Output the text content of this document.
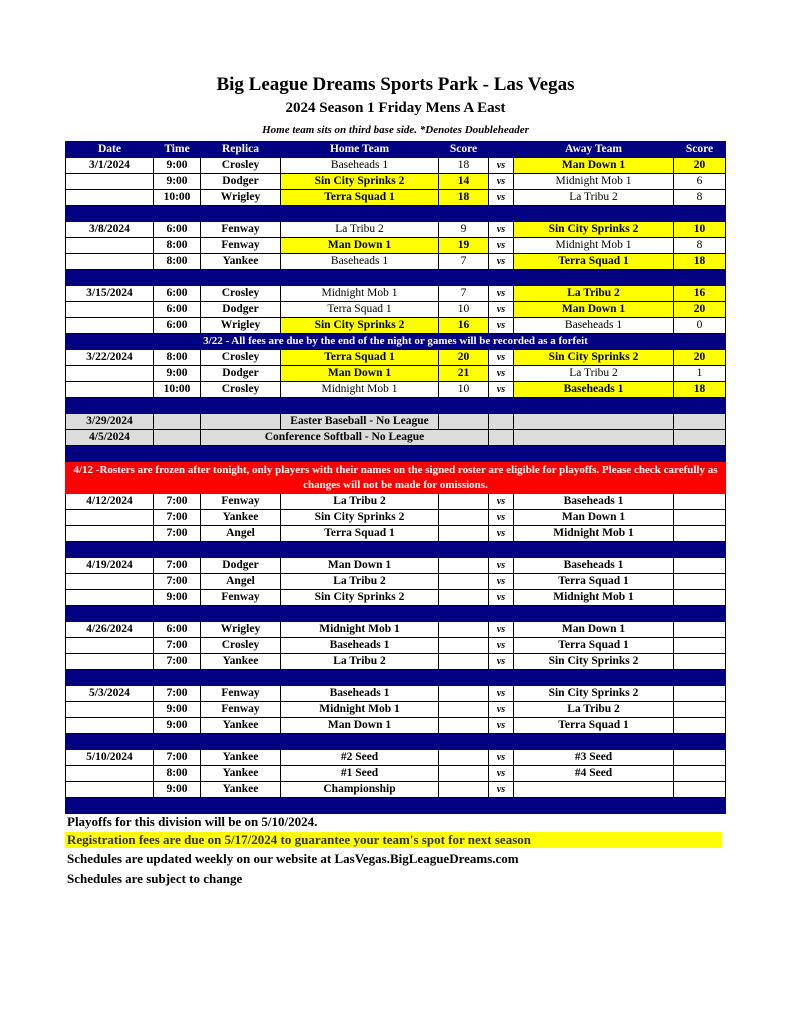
Big League Dreams Sports Park - Las Vegas
2024 Season 1 Friday Mens A East
Home team sits on third base side. *Denotes Doubleheader
Date	Time	Replica	Home Team	Score		Away Team	Score
3/1/2024	9:00	Crosley	Baseheads 1	18	vs	Man Down 1	20
	9:00	Dodger	Sin City Sprinks 2	14	vs	Midnight Mob 1	6
	10:00	Wrigley	Terra Squad 1	18	vs	La Tribu 2	8

3/8/2024	6:00	Fenway	La Tribu 2	9	vs	Sin City Sprinks 2	10
	8:00	Fenway	Man Down 1	19	vs	Midnight Mob 1	8
	8:00	Yankee	Baseheads 1	7	vs	Terra Squad 1	18

3/15/2024	6:00	Crosley	Midnight Mob 1	7	vs	La Tribu 2	16
	6:00	Dodger	Terra Squad 1	10	vs	Man Down 1	20
	6:00	Wrigley	Sin City Sprinks 2	16	vs	Baseheads 1	0
3/22 - All fees are due by the end of the night or games will be recorded as a forfeit							
3/22/2024	8:00	Crosley	Terra Squad 1	20	vs	Sin City Sprinks 2	20
	9:00	Dodger	Man Down 1	21	vs	La Tribu 2	1
	10:00	Crosley	Midnight Mob 1	10	vs	Baseheads 1	18

3/29/2024			Easter Baseball - No League				
4/5/2024		Conference Softball - No League					

4/12 -Rosters are frozen after tonight, only players with their names on the signed roster are eligible for playoffs. Please check carefully as changes will not be made for omissions.							
4/12/2024	7:00	Fenway	La Tribu 2		vs	Baseheads 1	
	7:00	Yankee	Sin City Sprinks 2		vs	Man Down 1	
	7:00	Angel	Terra Squad 1		vs	Midnight Mob 1	

4/19/2024	7:00	Dodger	Man Down 1		vs	Baseheads 1	
	7:00	Angel	La Tribu 2		vs	Terra Squad 1	
	9:00	Fenway	Sin City Sprinks 2		vs	Midnight Mob 1	

4/26/2024	6:00	Wrigley	Midnight Mob 1		vs	Man Down 1	
	7:00	Crosley	Baseheads 1		vs	Terra Squad 1	
	7:00	Yankee	La Tribu 2		vs	Sin City Sprinks 2	

5/3/2024	7:00	Fenway	Baseheads 1		vs	Sin City Sprinks 2	
	9:00	Fenway	Midnight Mob 1		vs	La Tribu 2	
	9:00	Yankee	Man Down 1		vs	Terra Squad 1	

5/10/2024	7:00	Yankee	#2 Seed		vs	#3 Seed	
	8:00	Yankee	#1 Seed		vs	#4 Seed	
	9:00	Yankee	Championship		vs		

Playoffs for this division will be on 5/10/2024.
Registration fees are due on 5/17/2024 to guarantee your team's spot for next season
Schedules are updated weekly on our website at LasVegas.BigLeagueDreams.com
Schedules are subject to change
